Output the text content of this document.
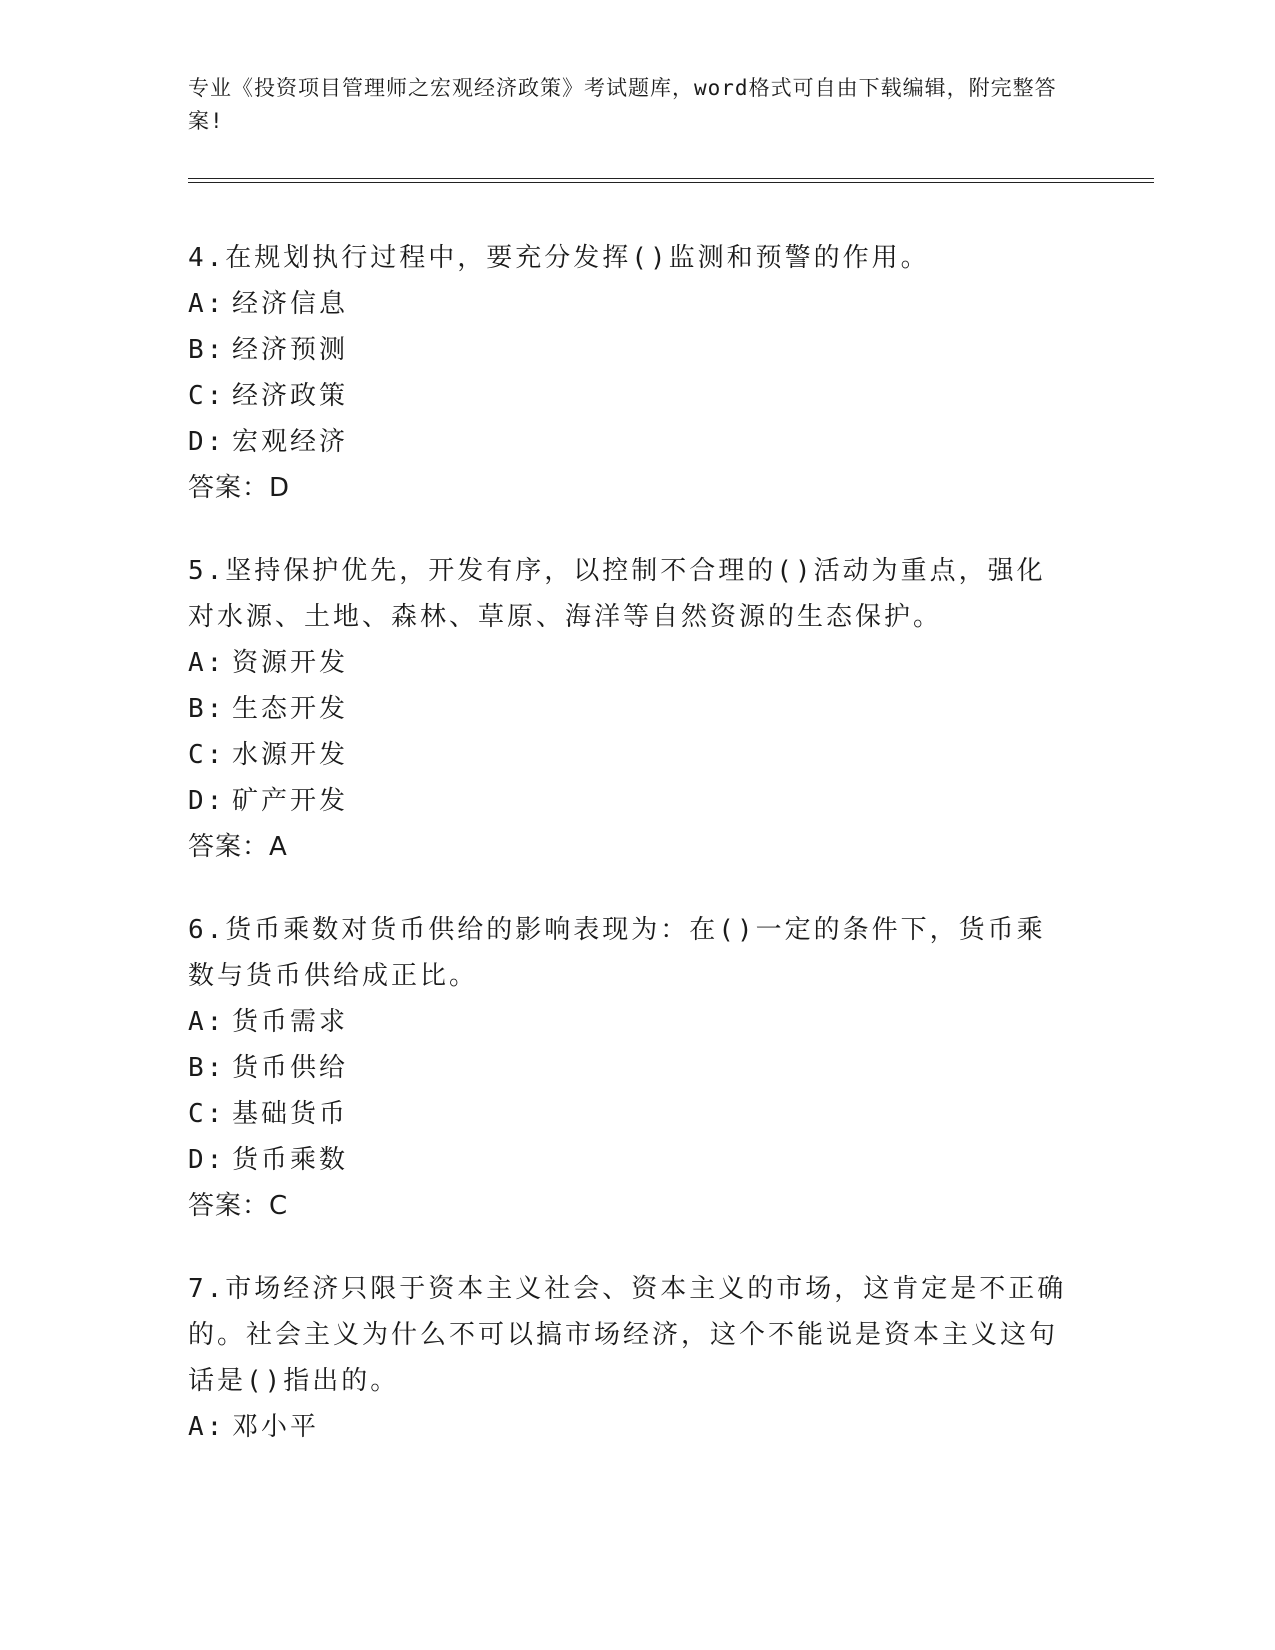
专业《投资项目管理师之宏观经济政策》考试题库，word格式可自由下载编辑，附完整答案!

4.在规划执行过程中，要充分发挥()监测和预警的作用。

A: 经济信息

B: 经济预测

C: 经济政策

D: 宏观经济

答案：D

5.坚持保护优先，开发有序，以控制不合理的()活动为重点，强化对水源、土地、森林、草原、海洋等自然资源的生态保护。

A: 资源开发

B: 生态开发

C: 水源开发

D: 矿产开发

答案：A

6.货币乘数对货币供给的影响表现为：在()一定的条件下，货币乘数与货币供给成正比。

A: 货币需求

B: 货币供给

C: 基础货币

D: 货币乘数

答案：C

7.市场经济只限于资本主义社会、资本主义的市场，这肯定是不正确的。社会主义为什么不可以搞市场经济，这个不能说是资本主义这句话是()指出的。

A: 邓小平
